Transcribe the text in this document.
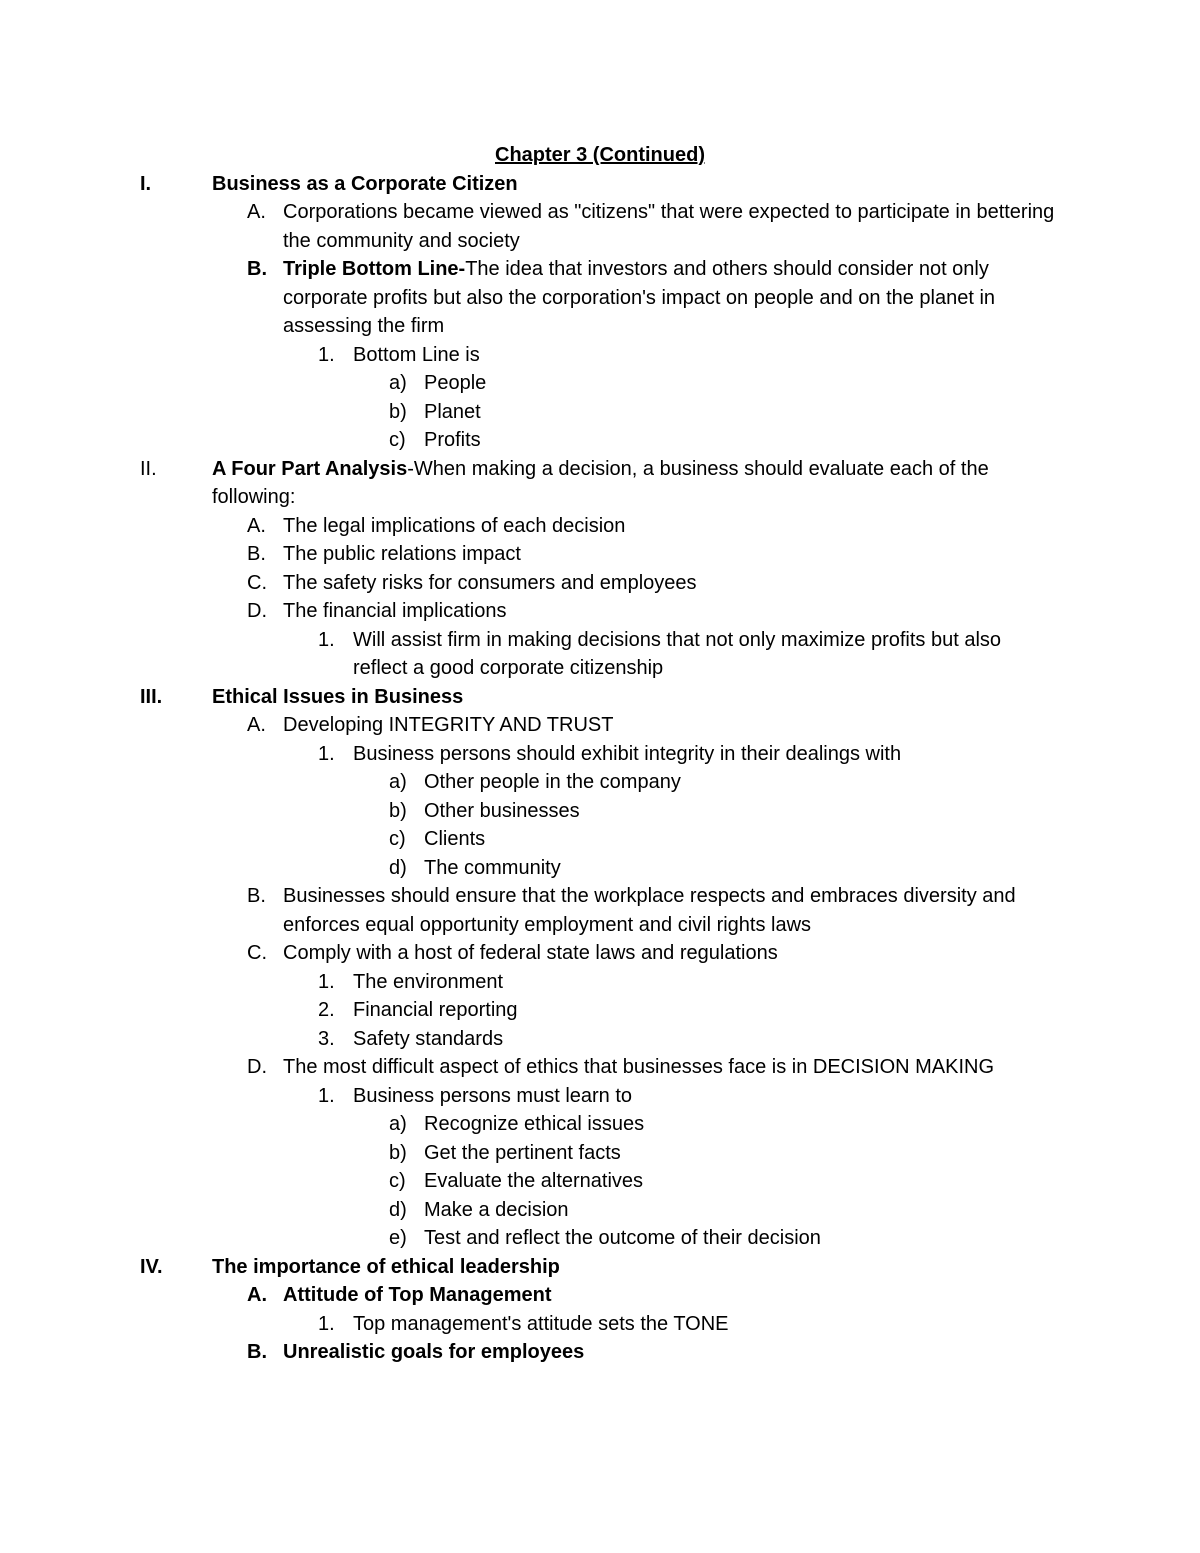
Chapter 3 (Continued)
I.	Business as a Corporate Citizen
A. Corporations became viewed as "citizens" that were expected to participate in bettering the community and society
B. Triple Bottom Line-The idea that investors and others should consider not only corporate profits but also the corporation's impact on people and on the planet in assessing the firm
1. Bottom Line is
a) People
b) Planet
c) Profits
II.	A Four Part Analysis-When making a decision, a business should evaluate each of the following:
A. The legal implications of each decision
B. The public relations impact
C. The safety risks for consumers and employees
D. The financial implications
1. Will assist firm in making decisions that not only maximize profits but also reflect a good corporate citizenship
III. Ethical Issues in Business
A. Developing INTEGRITY AND TRUST
1. Business persons should exhibit integrity in their dealings with
a) Other people in the company
b) Other businesses
c) Clients
d) The community
B. Businesses should ensure that the workplace respects and embraces diversity and enforces equal opportunity employment and civil rights laws
C. Comply with a host of federal state laws and regulations
1. The environment
2. Financial reporting
3. Safety standards
D. The most difficult aspect of ethics that businesses face is in DECISION MAKING
1. Business persons must learn to
a) Recognize ethical issues
b) Get the pertinent facts
c) Evaluate the alternatives
d) Make a decision
e) Test and reflect the outcome of their decision
IV. The importance of ethical leadership
A. Attitude of Top Management
1. Top management's attitude sets the TONE
B. Unrealistic goals for employees
